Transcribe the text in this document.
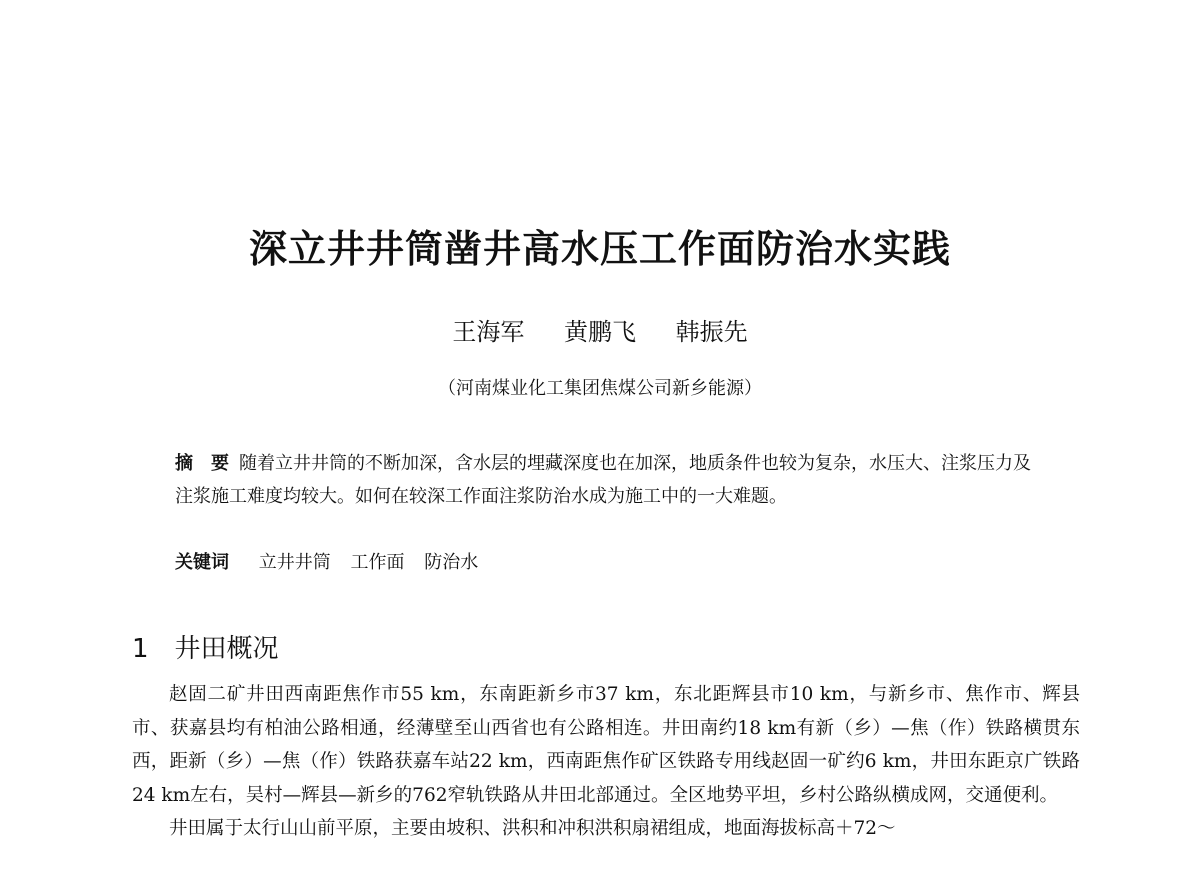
深立井井筒凿井高水压工作面防治水实践
王海军 黄鹏飞 韩振先
（河南煤业化工集团焦煤公司新乡能源）
摘　要 随着立井井筒的不断加深，含水层的埋藏深度也在加深，地质条件也较为复杂，水压大、注浆压力及注浆施工难度均较大。如何在较深工作面注浆防治水成为施工中的一大难题。
关键词 立井井筒 工作面 防治水
1 井田概况

赵固二矿井田西南距焦作市55 km，东南距新乡市37 km，东北距辉县市10 km，与新乡市、焦作市、辉县市、获嘉县均有柏油公路相通，经薄壁至山西省也有公路相连。井田南约18 km有新（乡）—焦（作）铁路横贯东西，距新（乡）—焦（作）铁路获嘉车站22 km，西南距焦作矿区铁路专用线赵固一矿约6 km，井田东距京广铁路24 km左右，吴村—辉县—新乡的762窄轨铁路从井田北部通过。全区地势平坦，乡村公路纵横成网，交通便利。

井田属于太行山山前平原，主要由坡积、洪积和冲积洪积扇裙组成，地面海拔标高＋72～
